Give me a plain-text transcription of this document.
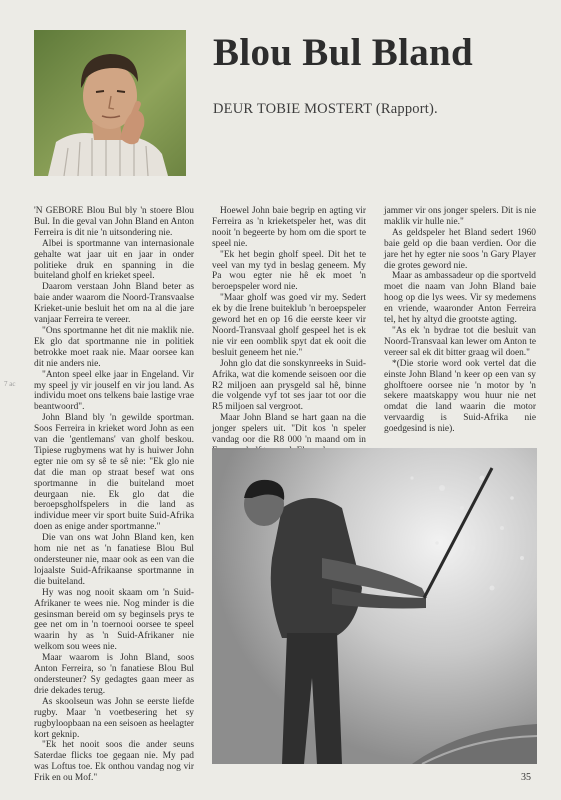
Blou Bul Bland

DEUR TOBIE MOSTERT (Rapport).

7 ac

'N GEBORE Blou Bul bly 'n stoere Blou Bul. In die geval van John Bland en Anton Ferreira is dit nie 'n uitsondering nie.

Albei is sportmanne van internasionale gehalte wat jaar uit en jaar in onder politieke druk en spanning in die buiteland gholf en krieket speel.

Daarom verstaan John Bland beter as baie ander waarom die Noord-Transvaalse Krieket-unie besluit het om na al die jare vanjaar Ferreira te vereer.

"Ons sportmanne het dit nie maklik nie. Ek glo dat sportmanne nie in politiek betrokke moet raak nie. Maar oorsee kan dit nie anders nie.

"Anton speel elke jaar in Engeland. Vir my speel jy vir jouself en vir jou land. As individu moet ons telkens baie lastige vrae beantwoord".

John Bland bly 'n gewilde sportman. Soos Ferreira in krieket word John as een van die 'gentlemans' van gholf beskou. Tipiese rugbymens wat hy is huiwer John egter nie om sy sê te sê nie: "Ek glo nie dat die man op straat besef wat ons sportmanne in die buiteland moet deurgaan nie. Ek glo dat die beroepsgholfspelers in die land as individue meer vir sport buite Suid-Afrika doen as enige ander sportmanne."

Die van ons wat John Bland ken, ken hom nie net as 'n fanatiese Blou Bul ondersteuner nie, maar ook as een van die lojaalste Suid-Afrikaanse sportmanne in die buiteland.

Hy was nog nooit skaam om 'n Suid-Afrikaner te wees nie. Nog minder is die gesinsman bereid om sy beginsels prys te gee net om in 'n toernooi oorsee te speel waarin hy as 'n Suid-Afrikaner nie welkom sou wees nie.

Maar waarom is John Bland, soos Anton Ferreira, so 'n fanatiese Blou Bul ondersteuner? Sy gedagtes gaan meer as drie dekades terug.

As skoolseun was John se eerste liefde rugby. Maar 'n voetbesering het sy rugbyloopbaan na een seisoen as heelagter kort geknip.

"Ek het nooit soos die ander seuns Saterdae flicks toe gegaan nie. My pad was Loftus toe. Ek onthou vandag nog vir Frik en ou Mof."

Hoewel John baie begrip en agting vir Ferreira as 'n krieketspeler het, was dit nooit 'n begeerte by hom om die sport te speel nie.

"Ek het begin gholf speel. Dit het te veel van my tyd in beslag geneem. My Pa wou egter nie hê ek moet 'n beroepspeler word nie.

"Maar gholf was goed vir my. Sedert ek by die Irene buiteklub 'n beroepspeler geword het en op 16 die eerste keer vir Noord-Transvaal gholf gespeel het is ek nie vir een oomblik spyt dat ek ooit die besluit geneem het nie."

John glo dat die sonskynreeks in Suid-Afrika, wat die komende seisoen oor die R2 miljoen aan prysgeld sal hê, binne die volgende vyf tot ses jaar tot oor die R5 miljoen sal vergroot.

Maar John Bland se hart gaan na die jonger spelers uit. "Dit kos 'n speler vandag oor die R8 000 'n maand om in

jammer vir ons jonger spelers. Dit is nie maklik vir hulle nie."

As geldspeler het Bland sedert 1960 baie geld op die baan verdien. Oor die jare het hy egter nie soos 'n Gary Player die grotes geword nie.

Maar as ambassadeur op die sportveld moet die naam van John Bland baie hoog op die lys wees. Vir sy medemens en vriende, waaronder Anton Ferreira tel, het hy altyd die grootste agting.

"As ek 'n bydrae tot die besluit van Noord-Transvaal kan lewer om Anton te vereer sal ek dit bitter graag wil doen."

*(Die storie word ook vertel dat die einste John Bland 'n keer op een van sy gholftoere oorsee nie 'n motor by 'n sekere maatskappy wou huur nie net omdat die land waarin die motor vervaardig is Suid-Afrika nie goedgesind is nie).

35
